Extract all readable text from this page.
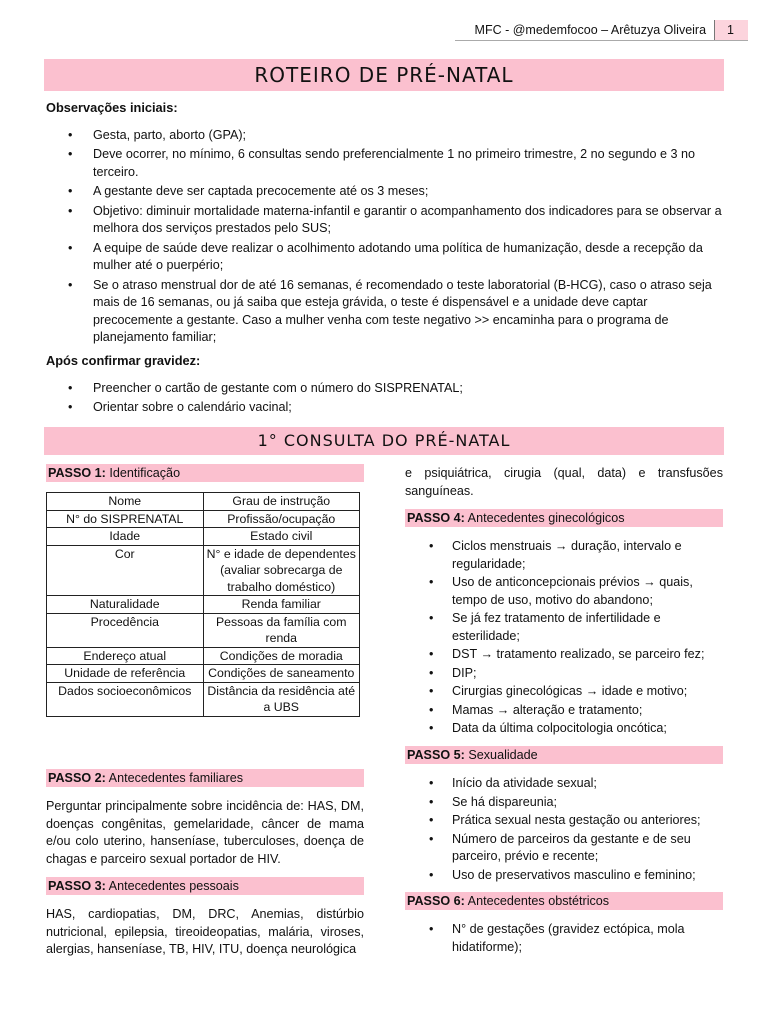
MFC - @medemfocoo – Arêtuzya Oliveira	1
ROTEIRO DE PRÉ-NATAL
Observações iniciais:
• Gesta, parto, aborto (GPA);
• Deve ocorrer, no mínimo, 6 consultas sendo preferencialmente 1 no primeiro trimestre, 2 no segundo e 3 no terceiro.
• A gestante deve ser captada precocemente até os 3 meses;
• Objetivo: diminuir mortalidade materna-infantil e garantir o acompanhamento dos indicadores para se observar a melhora dos serviços prestados pelo SUS;
• A equipe de saúde deve realizar o acolhimento adotando uma política de humanização, desde a recepção da mulher até o puerpério;
• Se o atraso menstrual dor de até 16 semanas, é recomendado o teste laboratorial (B-HCG), caso o atraso seja mais de 16 semanas, ou já saiba que esteja grávida, o teste é dispensável e a unidade deve captar precocemente a gestante. Caso a mulher venha com teste negativo >> encaminha para o programa de planejamento familiar;
Após confirmar gravidez:
• Preencher o cartão de gestante com o número do SISPRENATAL;
• Orientar sobre o calendário vacinal;
1° CONSULTA DO PRÉ-NATAL
PASSO 1: Identificação
Nome	Grau de instrução
N° do SISPRENATAL	Profissão/ocupação
Idade	Estado civil
Cor	N° e idade de dependentes (avaliar sobrecarga de trabalho doméstico)
Naturalidade	Renda familiar
Procedência	Pessoas da família com renda
Endereço atual	Condições de moradia
Unidade de referência	Condições de saneamento
Dados socioeconômicos	Distância da residência até a UBS
PASSO 2: Antecedentes familiares

Perguntar principalmente sobre incidência de: HAS, DM, doenças congênitas, gemelaridade, câncer de mama e/ou colo uterino, hanseníase, tuberculoses, doença de chagas e parceiro sexual portador de HIV.

PASSO 3: Antecedentes pessoais

HAS, cardiopatias, DM, DRC, Anemias, distúrbio nutricional, epilepsia, tireoideopatias, malária, viroses, alergias, hanseníase, TB, HIV, ITU, doença neurológica

e psiquiátrica, cirugia (qual, data) e transfusões sanguíneas.

PASSO 4: Antecedentes ginecológicos
• Ciclos menstruais → duração, intervalo e regularidade;
• Uso de anticoncepcionais prévios → quais, tempo de uso, motivo do abandono;
• Se já fez tratamento de infertilidade e esterilidade;
• DST → tratamento realizado, se parceiro fez;
• DIP;
• Cirurgias ginecológicas → idade e motivo;
• Mamas → alteração e tratamento;
• Data da última colpocitologia oncótica;
PASSO 5: Sexualidade
• Início da atividade sexual;
• Se há dispareunia;
• Prática sexual nesta gestação ou anteriores;
• Número de parceiros da gestante e de seu parceiro, prévio e recente;
• Uso de preservativos masculino e feminino;
PASSO 6: Antecedentes obstétricos
• N° de gestações (gravidez ectópica, mola hidatiforme);
